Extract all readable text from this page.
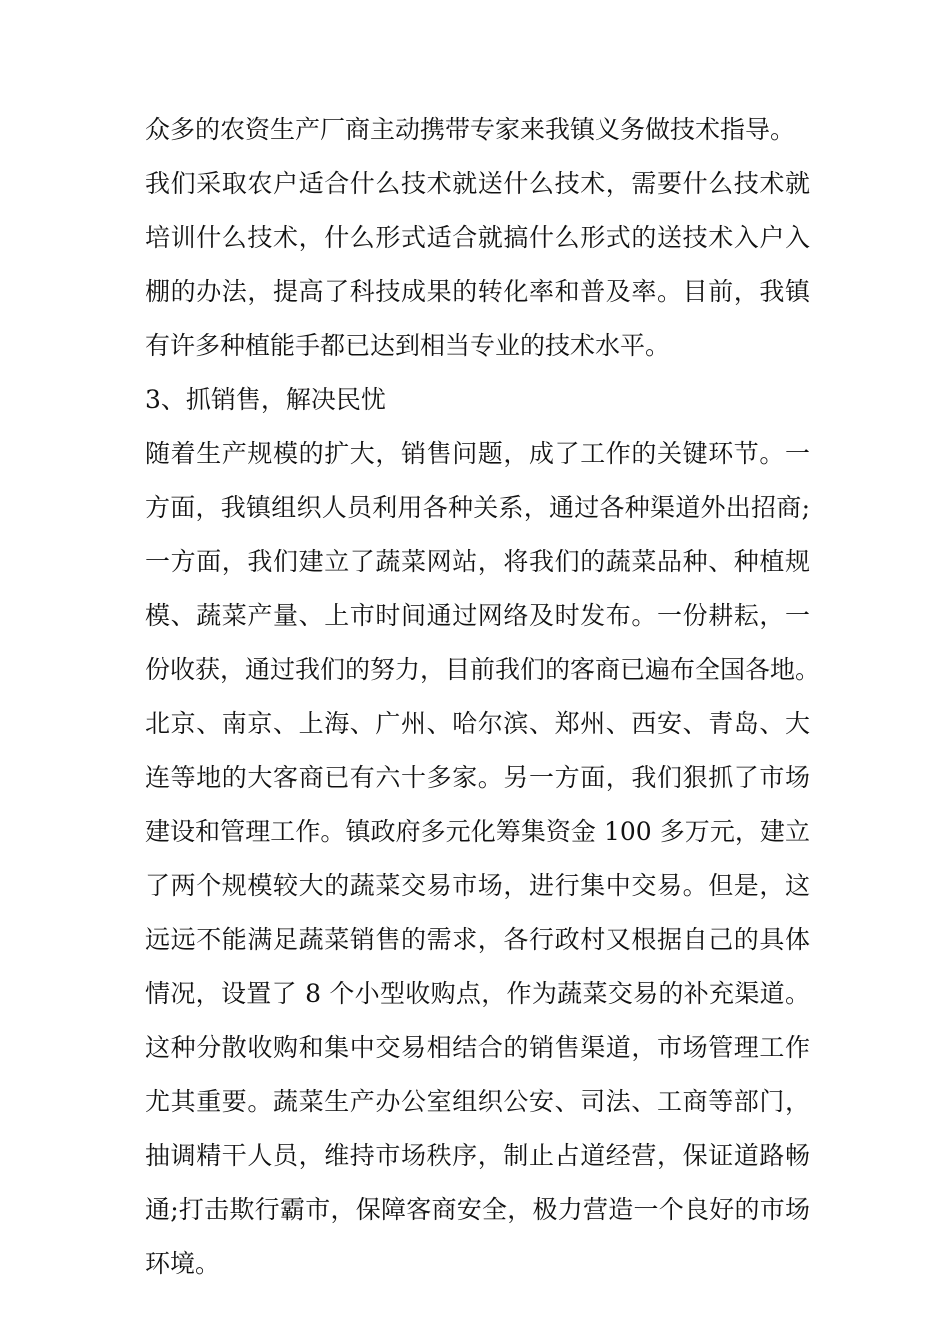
众多的农资生产厂商主动携带专家来我镇义务做技术指导。
我们采取农户适合什么技术就送什么技术，需要什么技术就
培训什么技术，什么形式适合就搞什么形式的送技术入户入
棚的办法，提高了科技成果的转化率和普及率。目前，我镇
有许多种植能手都已达到相当专业的技术水平。
3、抓销售，解决民忧
随着生产规模的扩大，销售问题，成了工作的关键环节。一
方面，我镇组织人员利用各种关系，通过各种渠道外出招商;
一方面，我们建立了蔬菜网站，将我们的蔬菜品种、种植规
模、蔬菜产量、上市时间通过网络及时发布。一份耕耘，一
份收获，通过我们的努力，目前我们的客商已遍布全国各地。
北京、南京、上海、广州、哈尔滨、郑州、西安、青岛、大
连等地的大客商已有六十多家。另一方面，我们狠抓了市场
建设和管理工作。镇政府多元化筹集资金 100 多万元，建立
了两个规模较大的蔬菜交易市场，进行集中交易。但是，这
远远不能满足蔬菜销售的需求，各行政村又根据自己的具体
情况，设置了 8 个小型收购点，作为蔬菜交易的补充渠道。
这种分散收购和集中交易相结合的销售渠道，市场管理工作
尤其重要。蔬菜生产办公室组织公安、司法、工商等部门，
抽调精干人员，维持市场秩序，制止占道经营，保证道路畅
通;打击欺行霸市，保障客商安全，极力营造一个良好的市场
环境。
